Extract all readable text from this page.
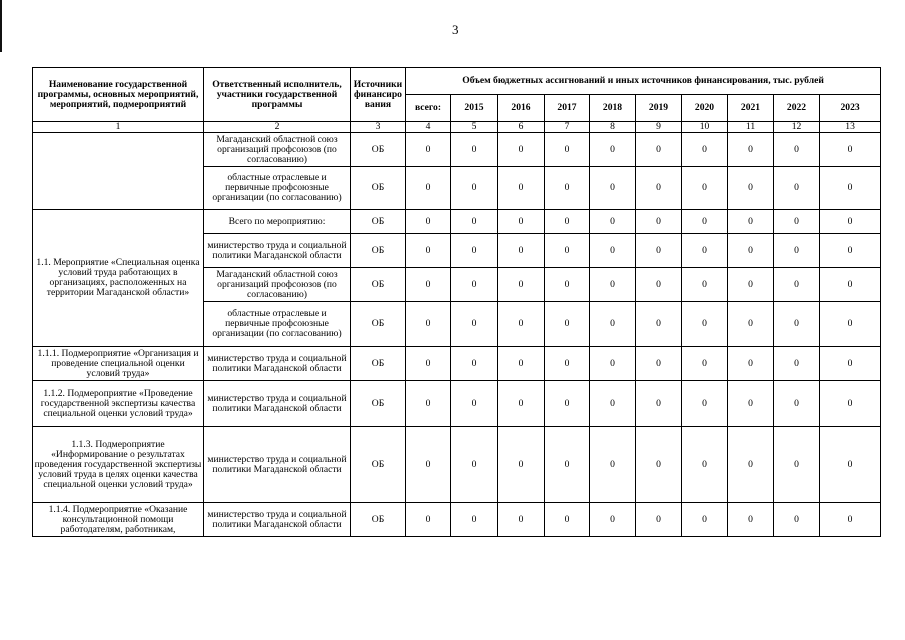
3
Наименование государственной программы, основных мероприятий, мероприятий, подмероприятий	Ответственный исполнитель, участники государственной программы	Источники финансиро вания	Объем бюджетных ассигнований и иных источников финансирования, тыс. рублей									
			всего:	2015	2016	2017	2018	2019	2020	2021	2022	2023
1	2	3	4	5	6	7	8	9	10	11	12	13
	Магаданский областной союз организаций профсоюзов (по согласованию)	ОБ	0	0	0	0	0	0	0	0	0	0
	областные отраслевые и первичные профсоюзные организации (по согласованию)	ОБ	0	0	0	0	0	0	0	0	0	0
1.1. Мероприятие «Специальная оценка условий труда работающих в организациях, расположенных на территории Магаданской области»	Всего по мероприятию:	ОБ	0	0	0	0	0	0	0	0	0	0
	министерство труда и социальной политики Магаданской области	ОБ	0	0	0	0	0	0	0	0	0	0
	Магаданский областной союз организаций профсоюзов (по согласованию)	ОБ	0	0	0	0	0	0	0	0	0	0
	областные отраслевые и первичные профсоюзные организации (по согласованию)	ОБ	0	0	0	0	0	0	0	0	0	0
1.1.1. Подмероприятие «Организация и проведение специальной оценки условий труда»	министерство труда и социальной политики Магаданской области	ОБ	0	0	0	0	0	0	0	0	0	0
1.1.2. Подмероприятие «Проведение государственной экспертизы качества специальной оценки условий труда»	министерство труда и социальной политики Магаданской области	ОБ	0	0	0	0	0	0	0	0	0	0
1.1.3. Подмероприятие «Информирование о результатах проведения государственной экспертизы условий труда в целях оценки качества специальной оценки условий труда»	министерство труда и социальной политики Магаданской области	ОБ	0	0	0	0	0	0	0	0	0	0
1.1.4. Подмероприятие «Оказание консультационной помощи работодателям, работникам,	министерство труда и социальной политики Магаданской области	ОБ	0	0	0	0	0	0	0	0	0	0
